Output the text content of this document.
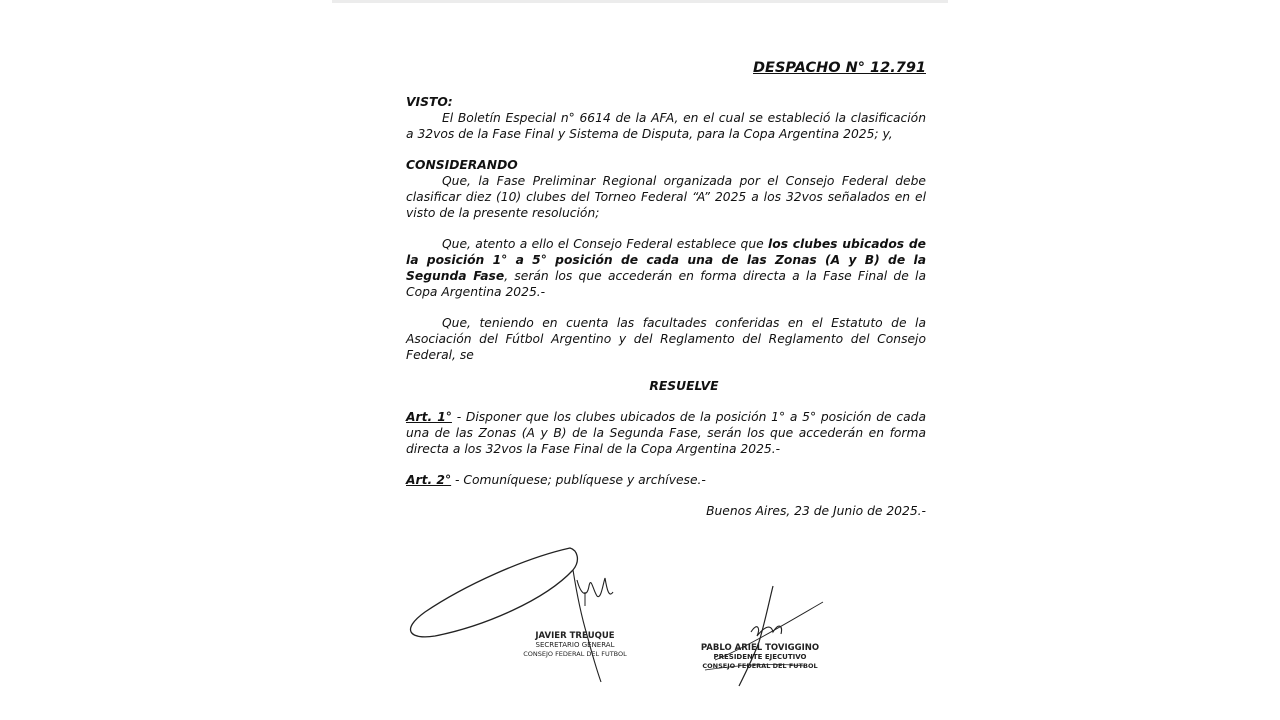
DESPACHO N° 12.791

VISTO:

El Boletín Especial n° 6614 de la AFA, en el cual se estableció la clasificación a 32vos de la Fase Final y Sistema de Disputa, para la Copa Argentina 2025; y,

CONSIDERANDO

Que, la Fase Preliminar Regional organizada por el Consejo Federal debe clasificar diez (10) clubes del Torneo Federal “A” 2025 a los 32vos señalados en el visto de la presente resolución;

Que, atento a ello el Consejo Federal establece que los clubes ubicados de la posición 1° a 5° posición de cada una de las Zonas (A y B) de la Segunda Fase, serán los que accederán en forma directa a la Fase Final de la Copa Argentina 2025.-

Que, teniendo en cuenta las facultades conferidas en el Estatuto de la Asociación del Fútbol Argentino y del Reglamento del Reglamento del Consejo Federal, se

RESUELVE

Art. 1° - Disponer que los clubes ubicados de la posición 1° a 5° posición de cada una de las Zonas (A y B) de la Segunda Fase, serán los que accederán en forma directa a los 32vos la Fase Final de la Copa Argentina 2025.-

Art. 2° - Comuníquese; publíquese y archívese.-

Buenos Aires, 23 de Junio de 2025.-

JAVIER TREUQUE
SECRETARIO GENERAL
CONSEJO FEDERAL DEL FUTBOL
PABLO ARIEL TOVIGGINO
PRESIDENTE EJECUTIVO
CONSEJO FEDERAL DEL FUTBOL
